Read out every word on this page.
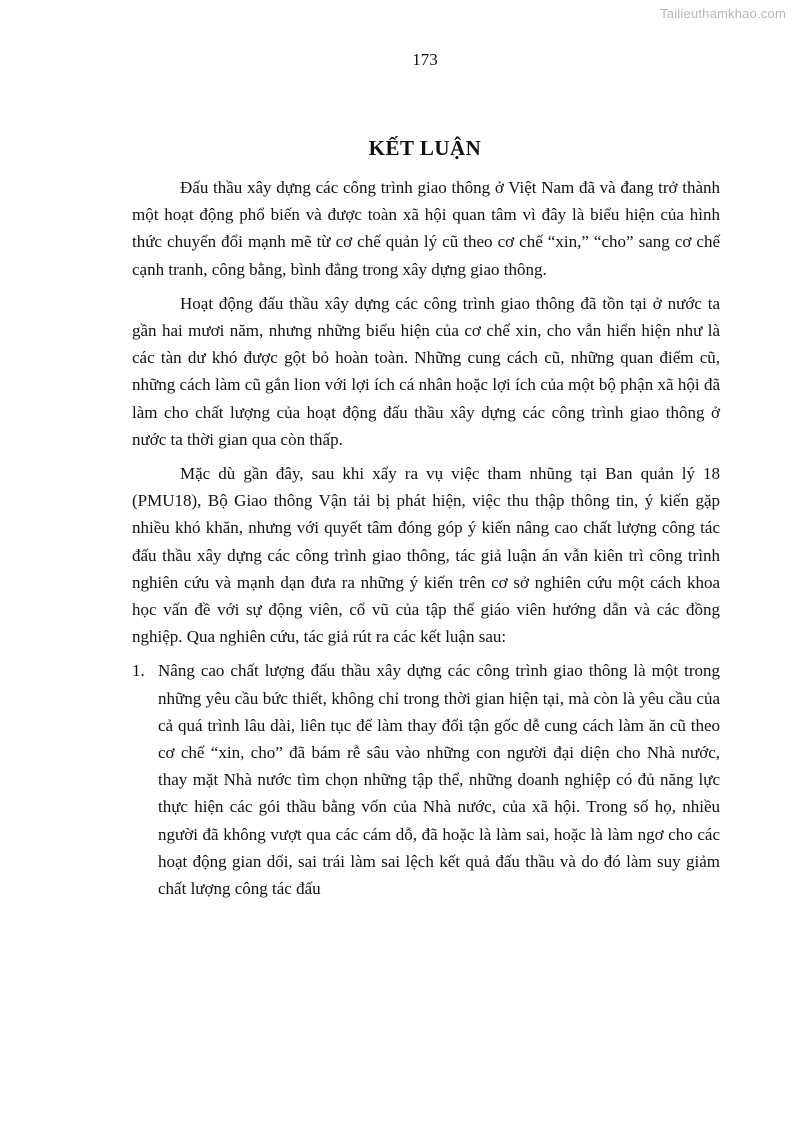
Tailieuthamkhao.com
173
KẾT LUẬN

Đấu thầu xây dựng các công trình giao thông ở Việt Nam đã và đang trở thành một hoạt động phổ biến và được toàn xã hội quan tâm vì đây là biểu hiện của hình thức chuyển đổi mạnh mẽ từ cơ chế quản lý cũ theo cơ chế “xin,” “cho” sang cơ chế cạnh tranh, công bằng, bình đẳng trong xây dựng giao thông.

Hoạt động đấu thầu xây dựng các công trình giao thông đã tồn tại ở nước ta gần hai mươi năm, nhưng những biểu hiện của cơ chế xin, cho vẫn hiển hiện như là các tàn dư khó được gột bỏ hoàn toàn. Những cung cách cũ, những quan điểm cũ, những cách làm cũ gắn lion với lợi ích cá nhân hoặc lợi ích của một bộ phận xã hội đã làm cho chất lượng của hoạt động đấu thầu xây dựng các công trình giao thông ở nước ta thời gian qua còn thấp.

Mặc dù gần đây, sau khi xẩy ra vụ việc tham nhũng tại Ban quản lý 18 (PMU18), Bộ Giao thông Vận tải bị phát hiện, việc thu thập thông tin, ý kiến gặp nhiều khó khăn, nhưng với quyết tâm đóng góp ý kiến nâng cao chất lượng công tác đấu thầu xây dựng các công trình giao thông, tác giả luận án vẫn kiên trì công trình nghiên cứu và mạnh dạn đưa ra những ý kiến trên cơ sở nghiên cứu một cách khoa học vấn đề với sự động viên, cổ vũ của tập thể giáo viên hướng dẫn và các đồng nghiệp. Qua nghiên cứu, tác giả rút ra các kết luận sau:

1. Nâng cao chất lượng đấu thầu xây dựng các công trình giao thông là một trong những yêu cầu bức thiết, không chỉ trong thời gian hiện tại, mà còn là yêu cầu của cả quá trình lâu dài, liên tục để làm thay đổi tận gốc dễ cung cách làm ăn cũ theo cơ chế “xin, cho” đã bám rễ sâu vào những con người đại diện cho Nhà nước, thay mặt Nhà nước tìm chọn những tập thể, những doanh nghiệp có đủ năng lực thực hiện các gói thầu bằng vốn của Nhà nước, của xã hội. Trong số họ, nhiều người đã không vượt qua các cám dỗ, đã hoặc là làm sai, hoặc là làm ngơ cho các hoạt động gian dối, sai trái làm sai lệch kết quả đấu thầu và do đó làm suy giảm chất lượng công tác đấu
